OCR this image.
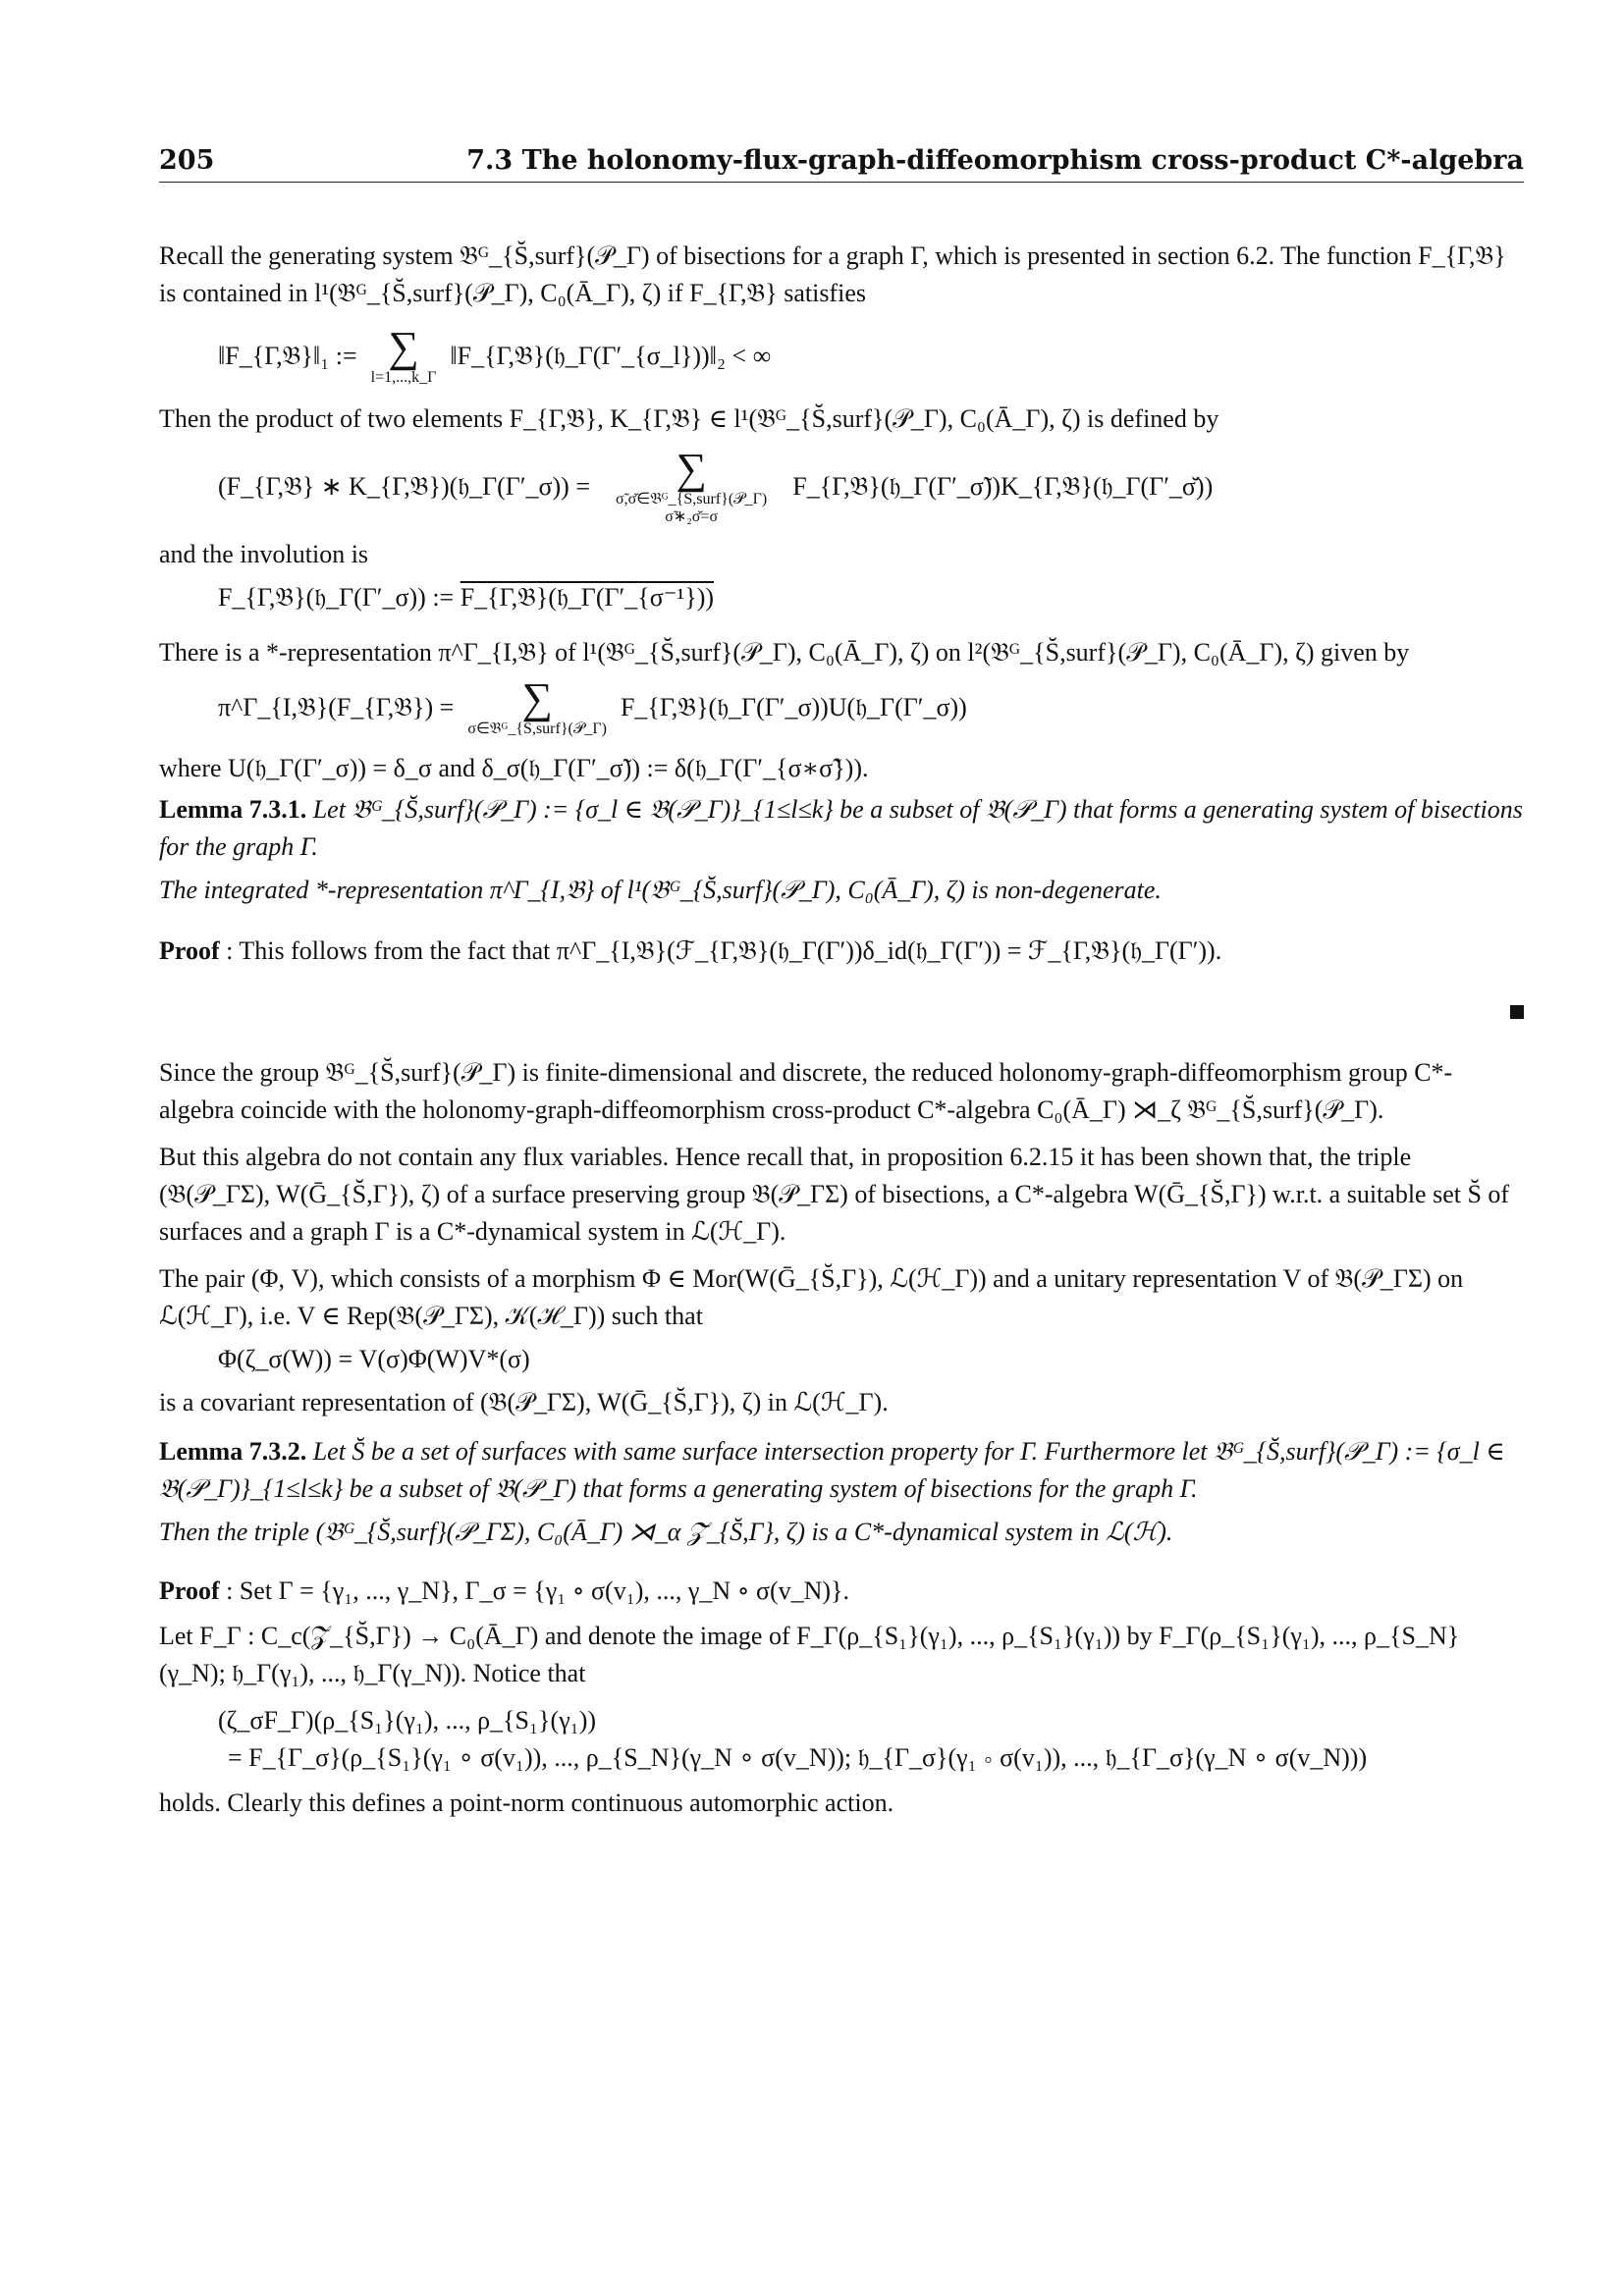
205	7.3 The holonomy-flux-graph-diffeomorphism cross-product C*-algebra

Recall the generating system 𝔅ᴳ_{S̆,surf}(𝒫_Γ) of bisections for a graph Γ, which is presented in section 6.2. The function F_{Γ,𝔅} is contained in l¹(𝔅ᴳ_{S̆,surf}(𝒫_Γ), C₀(Ā_Γ), ζ) if F_{Γ,𝔅} satisfies

‖F_{Γ,𝔅}‖₁ := ∑
l=1,...,k_Γ
‖F_{Γ,𝔅}(𝔥_Γ(Γ′_{σ_l}))‖₂ < ∞

Then the product of two elements F_{Γ,𝔅}, K_{Γ,𝔅} ∈ l¹(𝔅ᴳ_{S̆,surf}(𝒫_Γ), C₀(Ā_Γ), ζ) is defined by

(F_{Γ,𝔅} ∗ K_{Γ,𝔅})(𝔥_Γ(Γ′_σ)) =	∑
σ̃,σ̆∈𝔅ᴳ_{S̆,surf}(𝒫_Γ)
σ̃∗₂σ̆=σ
F_{Γ,𝔅}(𝔥_Γ(Γ′_σ̃))K_{Γ,𝔅}(𝔥_Γ(Γ′_σ̆))

and the involution is

F_{Γ,𝔅}(𝔥_Γ(Γ′_σ)) := F_{Γ,𝔅}(𝔥_Γ(Γ′_{σ⁻¹}))

There is a *-representation π^Γ_{I,𝔅} of l¹(𝔅ᴳ_{S̆,surf}(𝒫_Γ), C₀(Ā_Γ), ζ) on l²(𝔅ᴳ_{S̆,surf}(𝒫_Γ), C₀(Ā_Γ), ζ) given by

π^Γ_{I,𝔅}(F_{Γ,𝔅}) =	∑
σ∈𝔅ᴳ_{S̆,surf}(𝒫_Γ)
F_{Γ,𝔅}(𝔥_Γ(Γ′_σ))U(𝔥_Γ(Γ′_σ))

where U(𝔥_Γ(Γ′_σ)) = δ_σ and δ_σ(𝔥_Γ(Γ′_σ̃)) := δ(𝔥_Γ(Γ′_{σ∗σ̃})).

Lemma 7.3.1. Let 𝔅ᴳ_{S̆,surf}(𝒫_Γ) := {σ_l ∈ 𝔅(𝒫_Γ)}_{1≤l≤k} be a subset of 𝔅(𝒫_Γ) that forms a generating system of bisections for the graph Γ.

The integrated *-representation π^Γ_{I,𝔅} of l¹(𝔅ᴳ_{S̆,surf}(𝒫_Γ), C₀(Ā_Γ), ζ) is non-degenerate.

Proof : This follows from the fact that π^Γ_{I,𝔅}(ℱ_{Γ,𝔅}(𝔥_Γ(Γ′))δ_id(𝔥_Γ(Γ′)) = ℱ_{Γ,𝔅}(𝔥_Γ(Γ′)).

Since the group 𝔅ᴳ_{S̆,surf}(𝒫_Γ) is finite-dimensional and discrete, the reduced holonomy-graph-diffeomorphism group C*-algebra coincide with the holonomy-graph-diffeomorphism cross-product C*-algebra C₀(Ā_Γ) ⋊_ζ 𝔅ᴳ_{S̆,surf}(𝒫_Γ).

But this algebra do not contain any flux variables. Hence recall that, in proposition 6.2.15 it has been shown that, the triple (𝔅(𝒫_ΓΣ), W(Ḡ_{S̆,Γ}), ζ) of a surface preserving group 𝔅(𝒫_ΓΣ) of bisections, a C*-algebra W(Ḡ_{S̆,Γ}) w.r.t. a suitable set S̆ of surfaces and a graph Γ is a C*-dynamical system in ℒ(ℋ_Γ).

The pair (Φ, V), which consists of a morphism Φ ∈ Mor(W(Ḡ_{S̆,Γ}), ℒ(ℋ_Γ)) and a unitary representation V of 𝔅(𝒫_ΓΣ) on ℒ(ℋ_Γ), i.e. V ∈ Rep(𝔅(𝒫_ΓΣ), 𝒦(ℋ_Γ)) such that

Φ(ζ_σ(W)) = V(σ)Φ(W)V*(σ)

is a covariant representation of (𝔅(𝒫_ΓΣ), W(Ḡ_{S̆,Γ}), ζ) in ℒ(ℋ_Γ).

Lemma 7.3.2. Let S̆ be a set of surfaces with same surface intersection property for Γ. Furthermore let 𝔅ᴳ_{S̆,surf}(𝒫_Γ) := {σ_l ∈ 𝔅(𝒫_Γ)}_{1≤l≤k} be a subset of 𝔅(𝒫_Γ) that forms a generating system of bisections for the graph Γ.

Then the triple (𝔅ᴳ_{S̆,surf}(𝒫_ΓΣ), C₀(Ā_Γ) ⋊_α 𝒵̄_{S̆,Γ}, ζ) is a C*-dynamical system in ℒ(ℋ).

Proof : Set Γ = {γ₁, ..., γ_N}, Γ_σ = {γ₁ ∘ σ(v₁), ..., γ_N ∘ σ(v_N)}.

Let F_Γ : C_c(𝒵̄_{S̆,Γ}) → C₀(Ā_Γ) and denote the image of F_Γ(ρ_{S₁}(γ₁), ..., ρ_{S₁}(γ₁)) by F_Γ(ρ_{S₁}(γ₁), ..., ρ_{S_N}(γ_N); 𝔥_Γ(γ₁), ..., 𝔥_Γ(γ_N)). Notice that

(ζ_σF_Γ)(ρ_{S₁}(γ₁), ..., ρ_{S₁}(γ₁))
= F_{Γ_σ}(ρ_{S₁}(γ₁ ∘ σ(v₁)), ..., ρ_{S_N}(γ_N ∘ σ(v_N)); 𝔥_{Γ_σ}(γ₁ ∘ σ(v₁)), ..., 𝔥_{Γ_σ}(γ_N ∘ σ(v_N)))

holds. Clearly this defines a point-norm continuous automorphic action.
